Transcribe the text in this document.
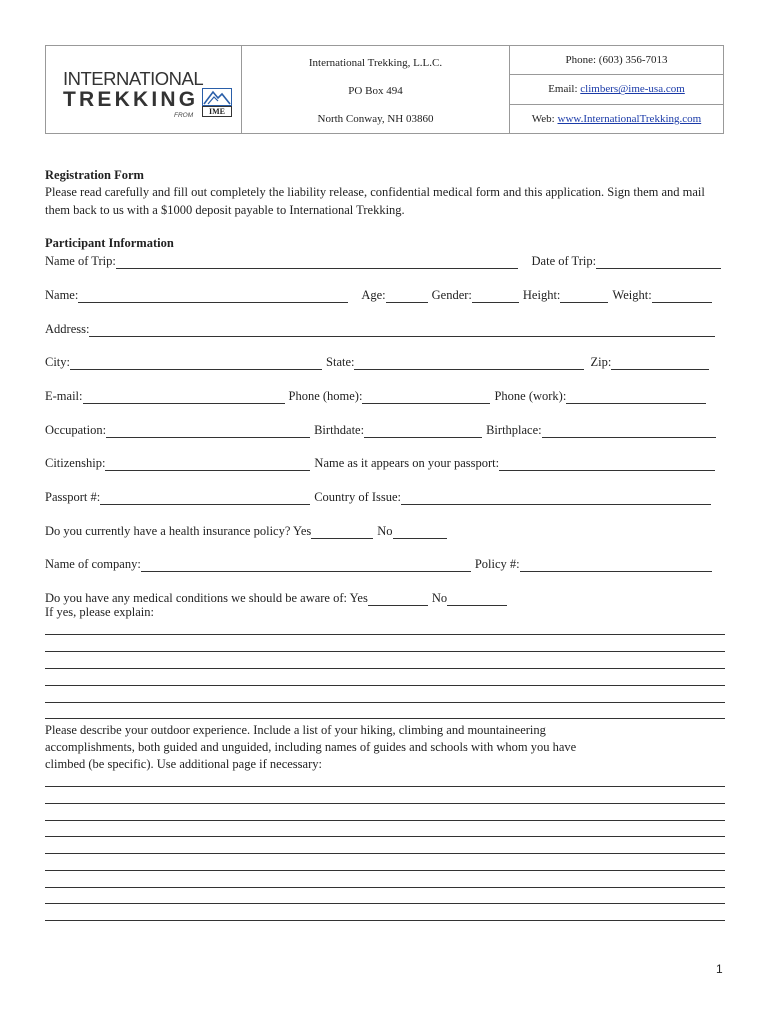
INTERNATIONAL
TREKKING
FROM	IME
International Trekking, L.L.C.
PO Box 494
North Conway, NH 03860
Phone: (603) 356-7013
Email:
climbers@ime-usa.com
Web:
www.InternationalTrekking.com
Registration Form
Please read carefully and fill out completely the liability release, confidential medical form and this application. Sign them and mail
them back to us with a $1000 deposit payable to International Trekking.
Participant Information
Name of Trip:	Date of Trip:
Name:	Age:	Gender:	Height:	Weight:
Address:
City:	State:	Zip:
E-mail:	Phone (home):	Phone (work):
Occupation:	Birthdate:	Birthplace:
Citizenship:	Name as it appears on your passport:
Passport #:	Country of Issue:
Do you currently have a health insurance policy? Yes	No
Name of company:	Policy #:
Do you have any medical conditions we should be aware of: Yes	No
If yes, please explain:
Please describe your outdoor experience. Include a list of your hiking, climbing and mountaineering
accomplishments, both guided and unguided, including names of guides and schools with whom you have
climbed (be specific). Use additional page if necessary:
1
